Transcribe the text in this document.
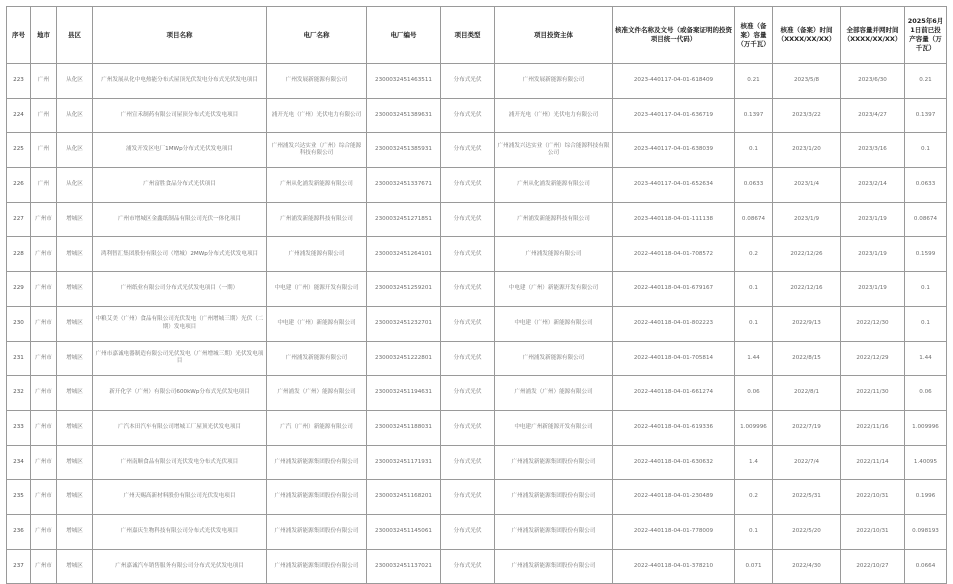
序号	地市	县区	项目名称	电厂名称	电厂编号	项目类型	项目投资主体	核准文件名称及文号（或备案证明的投资项目统一代码）	核准（备案）容量（万千瓦）	核准（备案）时间（XXXX/XX/XX）	全部容量并网时间（XXXX/XX/XX）	2025年6月1日前已投产容量（万千瓦）
223	广州	从化区	广州发展从化中电热能分布式屋顶光伏发电分布式光伏发电项目	广州发展新能源有限公司	2300032451463511	分布式光伏	广州发展新能源有限公司	2023-440117-04-01-618409	0.21	2023/5/8	2023/6/30	0.21
224	广州	从化区	广州宣禾制药有限公司屋顶分布式光伏发电项目	浦开光电（广州）光伏电力有限公司	2300032451389631	分布式光伏	浦开光电（广州）光伏电力有限公司	2023-440117-04-01-636719	0.1397	2023/3/22	2023/4/27	0.1397
225	广州	从化区	浦发开发区电厂1MWp分布式光伏发电项目	广州浦发兴达实业（广州）综合能源科技有限公司	2300032451385931	分布式光伏	广州浦发兴达实业（广州）综合能源科技有限公司	2023-440117-04-01-638039	0.1	2023/1/20	2023/3/16	0.1
226	广州	从化区	广州富胜食品分布式光伏项目	广州从化浦发新能源有限公司	2300032451337671	分布式光伏	广州从化浦发新能源有限公司	2023-440117-04-01-652634	0.0633	2023/1/4	2023/2/14	0.0633
227	广州市	增城区	广州市增城区金鑫纸制品有限公司光伏一体化项目	广州浦发新能源科技有限公司	2300032451271851	分布式光伏	广州浦发新能源科技有限公司	2023-440118-04-01-111138	0.08674	2023/1/9	2023/1/19	0.08674
228	广州市	增城区	鸿利智汇集团股份有限公司（增城）2MWp分布式光伏发电项目	广州浦发能源有限公司	2300032451264101	分布式光伏	广州浦发能源有限公司	2022-440118-04-01-708572	0.2	2022/12/26	2023/1/19	0.1599
229	广州市	增城区	广州纸业有限公司分布式光伏发电项目（一期）	中电建（广州）能源开发有限公司	2300032451259201	分布式光伏	中电建（广州）新能源开发有限公司	2022-440118-04-01-679167	0.1	2022/12/16	2023/1/19	0.1
230	广州市	增城区	中粮艾美（广州）食品有限公司光伏发电（广州增城三期）光伏（二期）发电项目	中电建（广州）新能源有限公司	2300032451232701	分布式光伏	中电建（广州）新能源有限公司	2022-440118-04-01-802223	0.1	2022/9/13	2022/12/30	0.1
231	广州市	增城区	广州市嘉诚电器制造有限公司光伏发电（广州增城三期）光伏发电项目	广州浦发新能源有限公司	2300032451222801	分布式光伏	广州浦发新能源有限公司	2022-440118-04-01-705814	1.44	2022/8/15	2022/12/29	1.44
232	广州市	增城区	新开化学（广州）有限公司600kWp分布式光伏发电项目	广州浦发（广州）能源有限公司	2300032451194631	分布式光伏	广州浦发（广州）能源有限公司	2022-440118-04-01-661274	0.06	2022/8/1	2022/11/30	0.06
233	广州市	增城区	广汽本田汽车有限公司增城工厂屋顶光伏发电项目	广汽（广州）新能源有限公司	2300032451188031	分布式光伏	中电建广州新能源开发有限公司	2022-440118-04-01-619336	1.009996	2022/7/19	2022/11/16	1.009996
234	广州市	增城区	广州南顺食品有限公司光伏发电分布式光伏项目	广州浦发新能源集团股份有限公司	2300032451171931	分布式光伏	广州浦发新能源集团股份有限公司	2022-440118-04-01-630632	1.4	2022/7/4	2022/11/14	1.40095
235	广州市	增城区	广州天赐高新材料股份有限公司光伏发电项目	广州浦发新能源集团股份有限公司	2300032451168201	分布式光伏	广州浦发新能源集团股份有限公司	2022-440118-04-01-230489	0.2	2022/5/31	2022/10/31	0.1996
236	广州市	增城区	广州嘉庆生物科技有限公司分布式光伏发电项目	广州浦发新能源集团股份有限公司	2300032451145061	分布式光伏	广州浦发新能源集团股份有限公司	2022-440118-04-01-778009	0.1	2022/5/20	2022/10/31	0.098193
237	广州市	增城区	广州嘉诚汽车销售服务有限公司分布式光伏发电项目	广州浦发新能源集团股份有限公司	2300032451137021	分布式光伏	广州浦发新能源集团股份有限公司	2022-440118-04-01-378210	0.071	2022/4/30	2022/10/27	0.0664
